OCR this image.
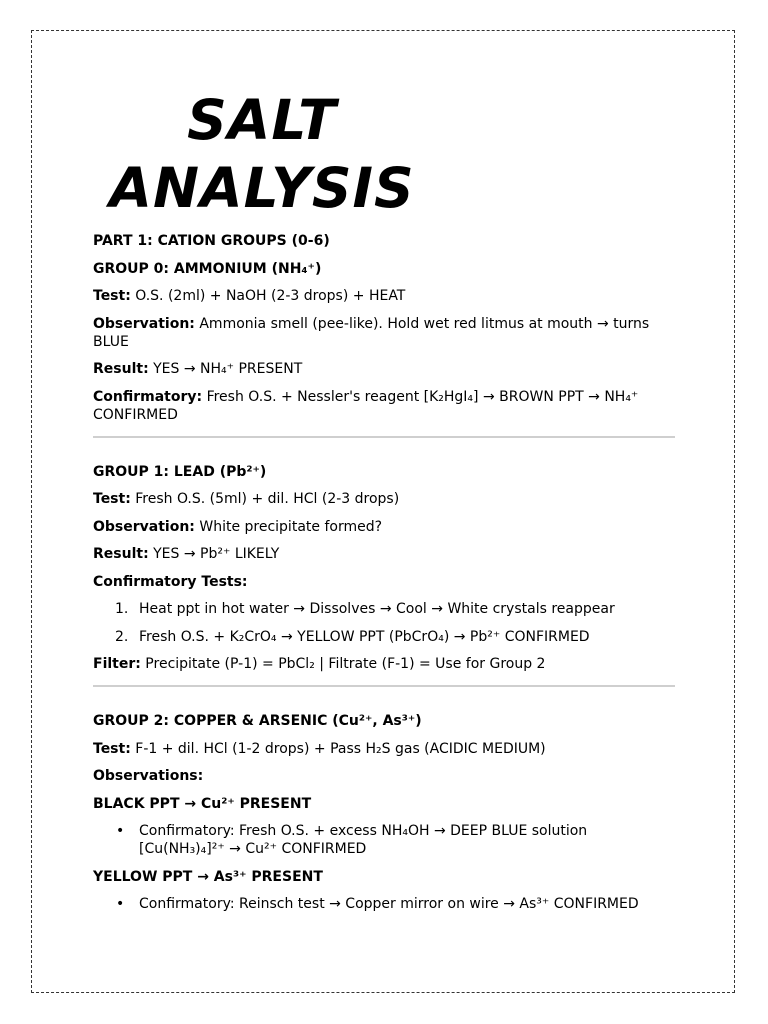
SALT
ANALYSIS

PART 1: CATION GROUPS (0-6)

GROUP 0: AMMONIUM (NH₄⁺)

Test: O.S. (2ml) + NaOH (2-3 drops) + HEAT

Observation: Ammonia smell (pee-like). Hold wet red litmus at mouth → turns BLUE

Result: YES → NH₄⁺ PRESENT

Confirmatory: Fresh O.S. + Nessler's reagent [K₂HgI₄] → BROWN PPT → NH₄⁺ CONFIRMED

GROUP 1: LEAD (Pb²⁺)

Test: Fresh O.S. (5ml) + dil. HCl (2-3 drops)

Observation: White precipitate formed?

Result: YES → Pb²⁺ LIKELY

Confirmatory Tests:

1. Heat ppt in hot water → Dissolves → Cool → White crystals reappear
2. Fresh O.S. + K₂CrO₄ → YELLOW PPT (PbCrO₄) → Pb²⁺ CONFIRMED

Filter: Precipitate (P-1) = PbCl₂ | Filtrate (F-1) = Use for Group 2

GROUP 2: COPPER & ARSENIC (Cu²⁺, As³⁺)

Test: F-1 + dil. HCl (1-2 drops) + Pass H₂S gas (ACIDIC MEDIUM)

Observations:

BLACK PPT → Cu²⁺ PRESENT

• Confirmatory: Fresh O.S. + excess NH₄OH → DEEP BLUE solution [Cu(NH₃)₄]²⁺ → Cu²⁺ CONFIRMED

YELLOW PPT → As³⁺ PRESENT

• Confirmatory: Reinsch test → Copper mirror on wire → As³⁺ CONFIRMED
